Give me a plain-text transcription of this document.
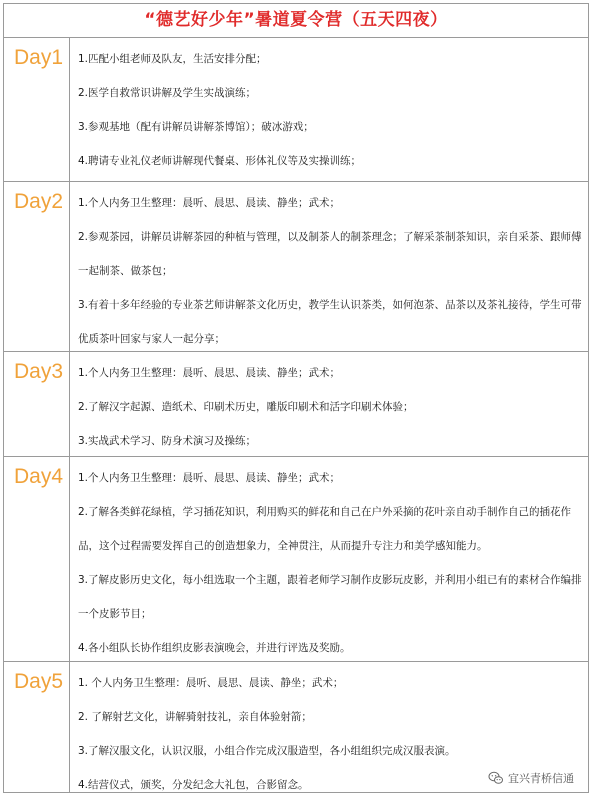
“德艺好少年”暑道夏令营（五天四夜）
Day1	1.匹配小组老师及队友，生活安排分配；
2.医学自救常识讲解及学生实战演练；
3.参观基地（配有讲解员讲解茶博馆）；破冰游戏；
4.聘请专业礼仪老师讲解现代餐桌、形体礼仪等及实操训练；
Day2	1.个人内务卫生整理：晨听、晨思、晨读、静坐；武术；
2.参观茶园，讲解员讲解茶园的种植与管理，以及制茶人的制茶理念；了解采茶制茶知识，亲自采茶、跟师傅一起制茶、做茶包；
3.有着十多年经验的专业茶艺师讲解茶文化历史，教学生认识茶类，如何泡茶、品茶以及茶礼接待，学生可带优质茶叶回家与家人一起分享；
Day3	1.个人内务卫生整理：晨听、晨思、晨读、静坐；武术；
2.了解汉字起源、造纸术、印刷术历史，雕版印刷术和活字印刷术体验；
3.实战武术学习、防身术演习及操练；
Day4	1.个人内务卫生整理：晨听、晨思、晨读、静坐；武术；
2.了解各类鲜花绿植，学习插花知识，利用购买的鲜花和自己在户外采摘的花叶亲自动手制作自己的插花作品，这个过程需要发挥自己的创造想象力，全神贯注，从而提升专注力和美学感知能力。
3.了解皮影历史文化，每小组选取一个主题，跟着老师学习制作皮影玩皮影，并利用小组已有的素材合作编排一个皮影节目；
4.各小组队长协作组织皮影表演晚会，并进行评选及奖励。
Day5	1. 个人内务卫生整理：晨听、晨思、晨读、静坐；武术；
2. 了解射艺文化，讲解骑射技礼，亲自体验射箭；
3.了解汉服文化，认识汉服，小组合作完成汉服造型，各小组组织完成汉服表演。
4.结营仪式，颁奖，分发纪念大礼包，合影留念。	宜兴青桥信通
